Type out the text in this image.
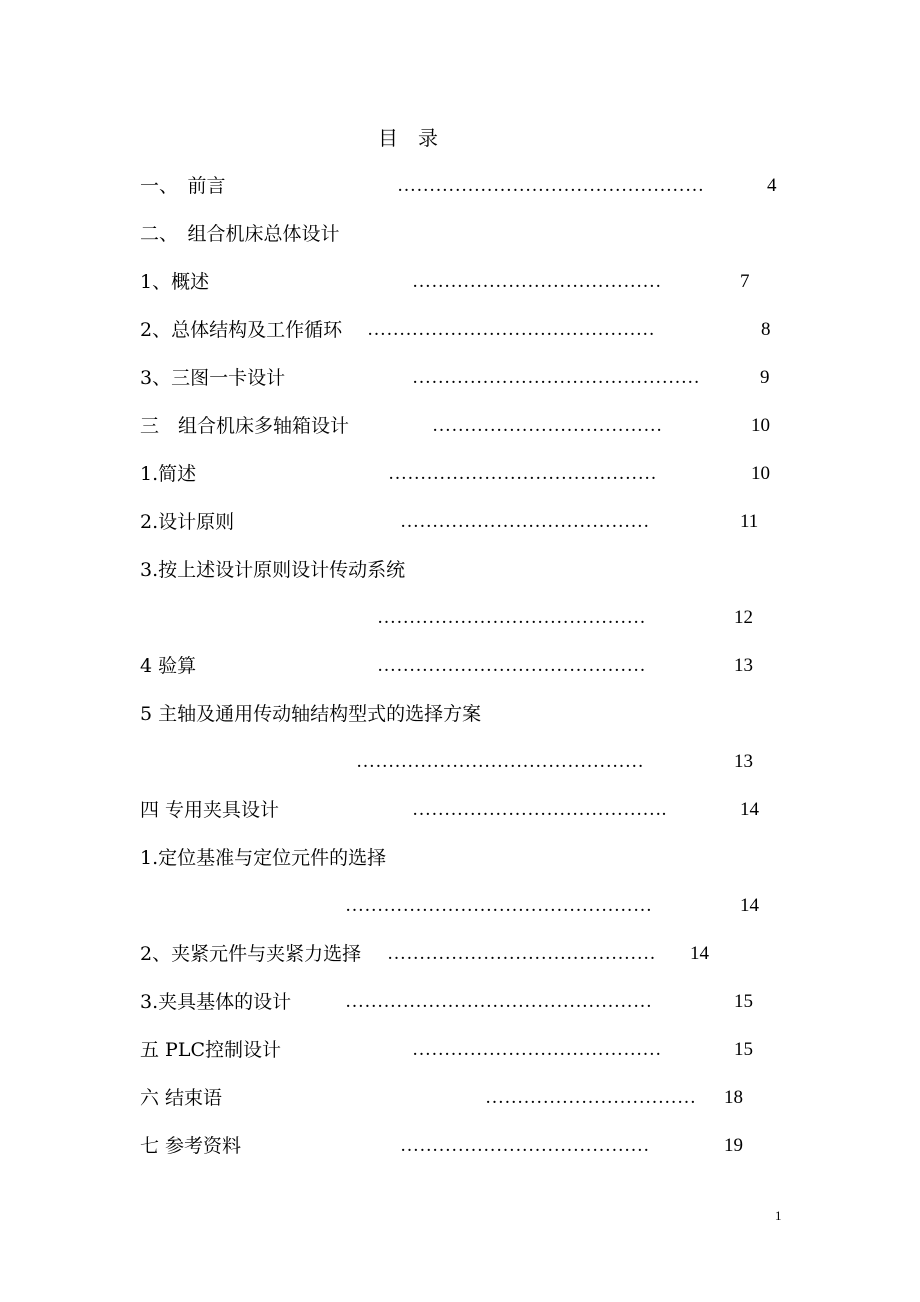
目　录
一、　前言	…………………………………………	4
二、　组合机床总体设计
1、概述	…………………………………	7
2、总体结构及工作循环 ………………………………………	8
3、三图一卡设计	………………………………………	9
三　组合机床多轴箱设计	………………………………	10
1.简述	……………………………………	10
2.设计原则	…………………………………	11
3.按上述设计原则设计传动系统
……………………………………	12
4 验算	……………………………………	13
5 主轴及通用传动轴结构型式的选择方案
………………………………………	13
四 专用夹具设计	………………………………….	14
1.定位基准与定位元件的选择
…………………………………………	14
2、夹紧元件与夹紧力选择 …………………………………… 14
3.夹具基体的设计	…………………………………………	15
五 PLC控制设计	…………………………………	15
六 结束语	…………………………… 18
七 参考资料	…………………………………	19
1
